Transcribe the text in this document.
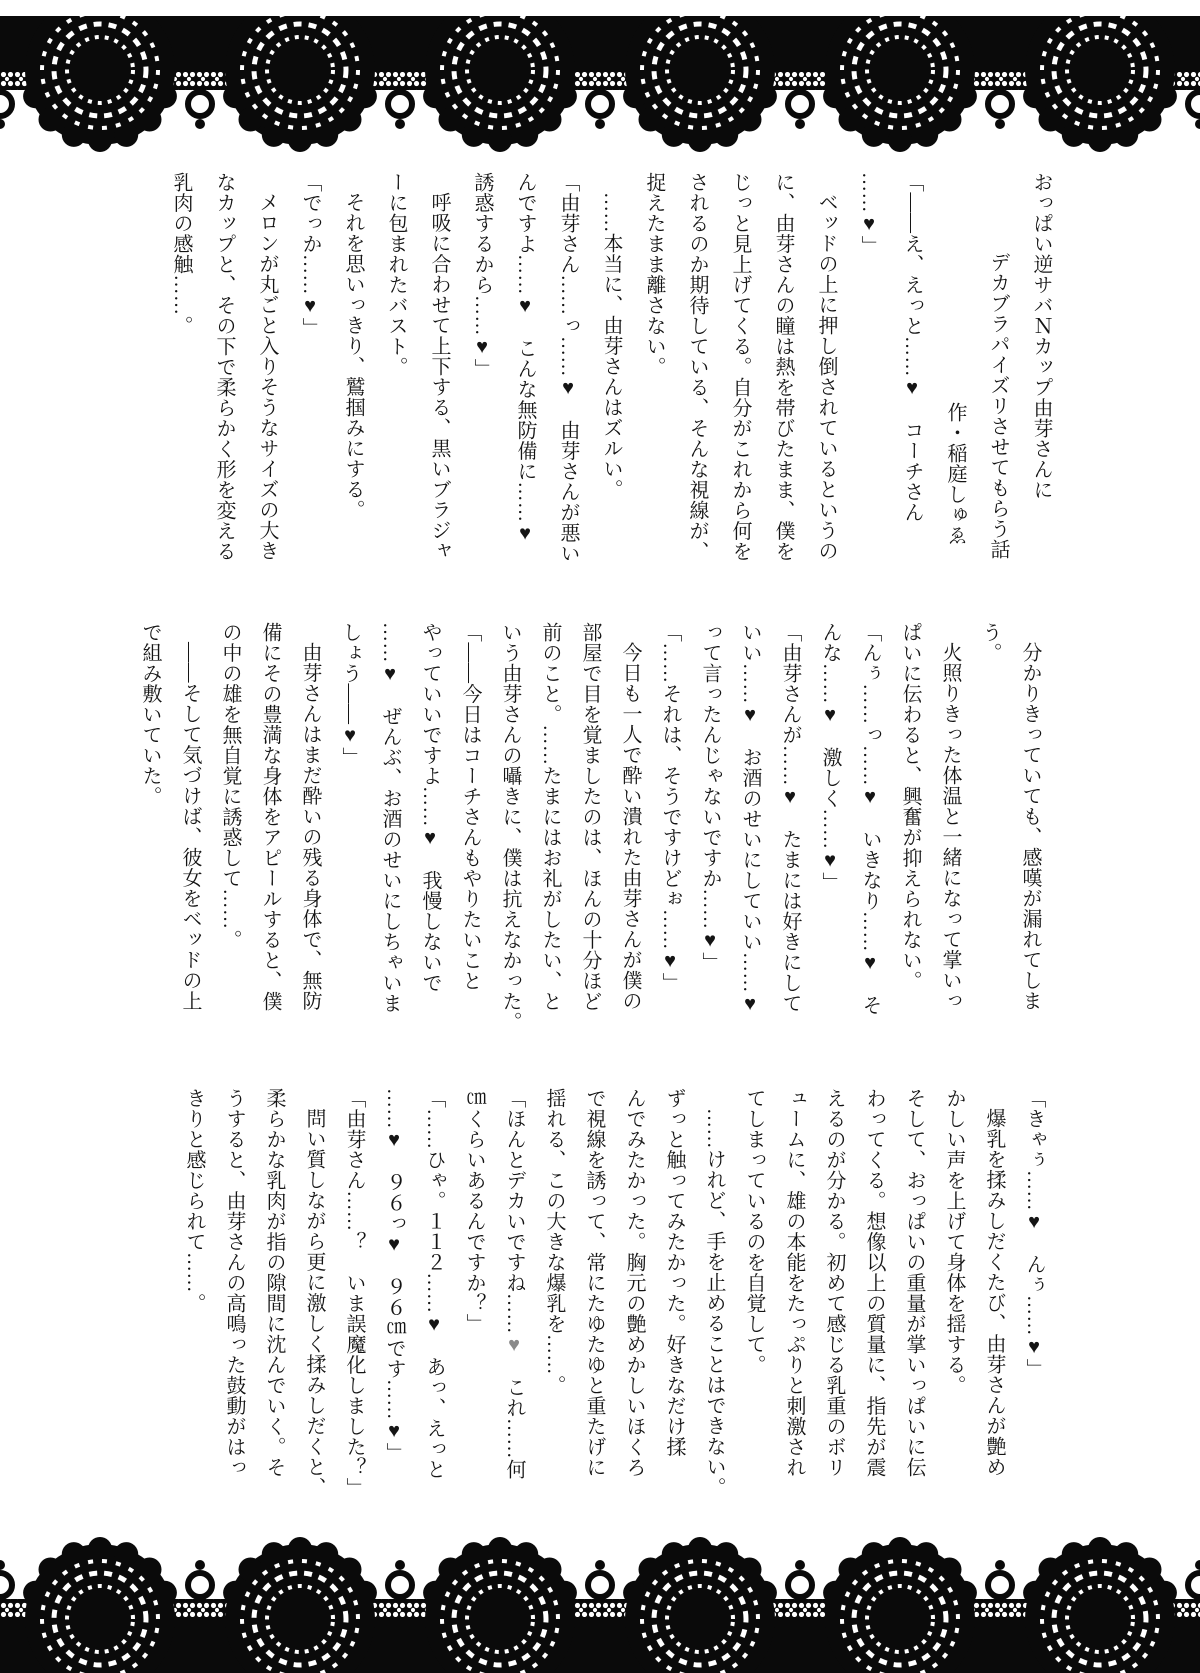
おっぱい逆サバＮカップ由芽さんに
デカブラパイズリさせてもらう話
作・稲庭しゅゑ
「――え、えっと……♥　コーチさん
……♥」
ベッドの上に押し倒されているというの
に、由芽さんの瞳は熱を帯びたまま、僕を
じっと見上げてくる。自分がこれから何を
されるのか期待している、そんな視線が、
捉えたまま離さない。
……本当に、由芽さんはズルい。
「由芽さん……っ……♥　由芽さんが悪い
んですよ……♥　こんな無防備に……♥
誘惑するから……♥」
呼吸に合わせて上下する、黒いブラジャ
ーに包まれたバスト。
それを思いっきり、鷲掴みにする。
「でっか……♥」
メロンが丸ごと入りそうなサイズの大き
なカップと、その下で柔らかく形を変える
乳肉の感触……。
分かりきっていても、感嘆が漏れてしま
う。
火照りきった体温と一緒になって掌いっ
ぱいに伝わると、興奮が抑えられない。
「んぅ……っ……♥　いきなり……♥　そ
んな……♥　激しく……♥」
「由芽さんが……♥　たまには好きにして
いい……♥　お酒のせいにしていい……♥
って言ったんじゃないですか……♥」
「……それは、そうですけどぉ……♥」
今日も一人で酔い潰れた由芽さんが僕の
部屋で目を覚ましたのは、ほんの十分ほど
前のこと。……たまにはお礼がしたい、と
いう由芽さんの囁きに、僕は抗えなかった。
「――今日はコーチさんもやりたいこと
やっていいですよ……♥　我慢しないで
……♥　ぜんぶ、お酒のせいにしちゃいま
しょう――♥」
由芽さんはまだ酔いの残る身体で、無防
備にその豊満な身体をアピールすると、僕
の中の雄を無自覚に誘惑して……。
――そして気づけば、彼女をベッドの上
で組み敷いていた。
「きゃぅ……♥　んぅ……♥」
爆乳を揉みしだくたび、由芽さんが艶め
かしい声を上げて身体を揺する。
そして、おっぱいの重量が掌いっぱいに伝
わってくる。想像以上の質量に、指先が震
えるのが分かる。初めて感じる乳重のボリ
ュームに、雄の本能をたっぷりと刺激され
てしまっているのを自覚して。
……けれど、手を止めることはできない。
ずっと触ってみたかった。好きなだけ揉
んでみたかった。胸元の艶めかしいほくろ
で視線を誘って、常にたゆたゆと重たげに
揺れる、この大きな爆乳を……。
「ほんとデカいですね……♥　これ……何
㎝くらいあるんですか？」
「……ひゃ。１１２……♥　あっ、えっと
……♥　９６っ♥　９６㎝です……♥」
「由芽さん……？　いま誤魔化しました？」
問い質しながら更に激しく揉みしだくと、
柔らかな乳肉が指の隙間に沈んでいく。そ
うすると、由芽さんの高鳴った鼓動がはっ
きりと感じられて……。
